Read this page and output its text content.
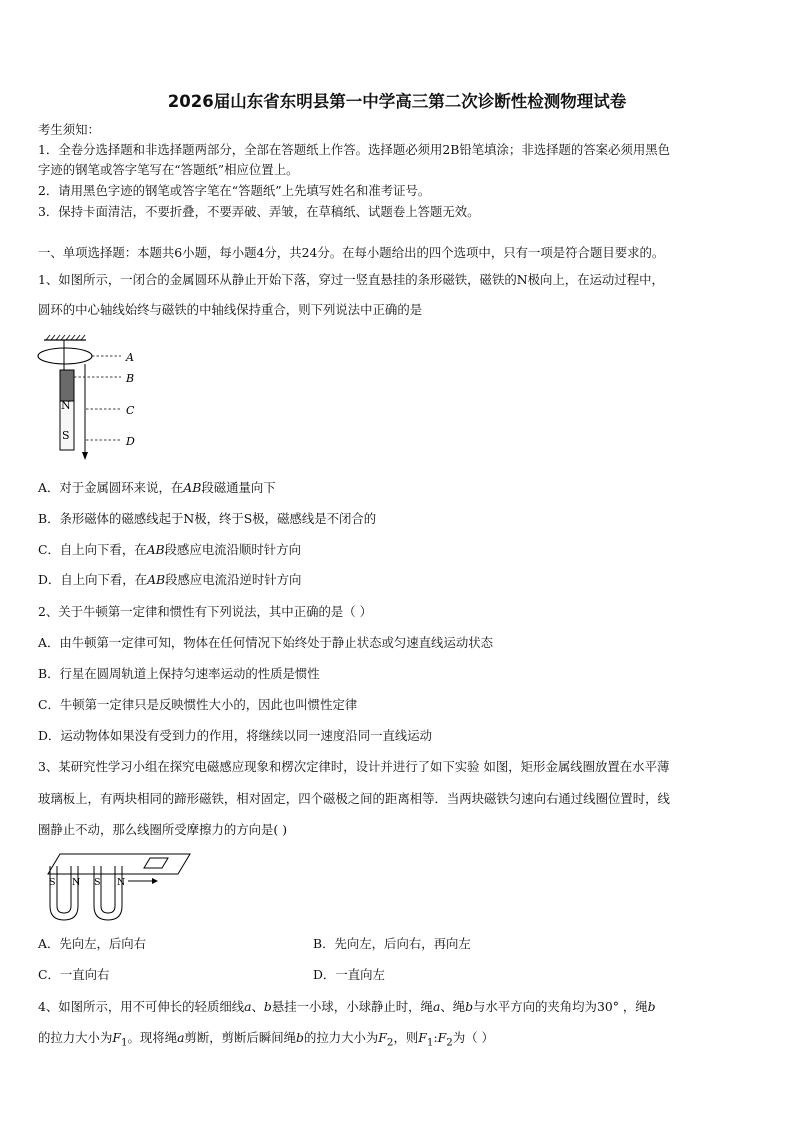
2026届山东省东明县第一中学高三第二次诊断性检测物理试卷
考生须知：
1．全卷分选择题和非选择题两部分，全部在答题纸上作答。选择题必须用2B铅笔填涂；非选择题的答案必须用黑色
字迹的钢笔或答字笔写在“答题纸”相应位置上。
2．请用黑色字迹的钢笔或答字笔在“答题纸”上先填写姓名和准考证号。
3．保持卡面清洁，不要折叠，不要弄破、弄皱，在草稿纸、试题卷上答题无效。
一、单项选择题：本题共6小题，每小题4分，共24分。在每小题给出的四个选项中，只有一项是符合题目要求的。
1、如图所示，一闭合的金属圆环从静止开始下落，穿过一竖直悬挂的条形磁铁，磁铁的N极向上，在运动过程中，
圆环的中心轴线始终与磁铁的中轴线保持重合，则下列说法中正确的是
N
S
A
B
C
D
A．对于金属圆环来说，在AB段磁通量向下
B．条形磁体的磁感线起于N极，终于S极，磁感线是不闭合的
C．自上向下看，在AB段感应电流沿顺时针方向
D．自上向下看，在AB段感应电流沿逆时针方向
2、关于牛顿第一定律和惯性有下列说法，其中正确的是（ ）
A．由牛顿第一定律可知，物体在任何情况下始终处于静止状态或匀速直线运动状态
B．行星在圆周轨道上保持匀速率运动的性质是惯性
C．牛顿第一定律只是反映惯性大小的，因此也叫惯性定律
D．运动物体如果没有受到力的作用，将继续以同一速度沿同一直线运动
3、某研究性学习小组在探究电磁感应现象和楞次定律时，设计并进行了如下实验 如图，矩形金属线圈放置在水平薄
玻璃板上，有两块相同的蹄形磁铁，相对固定，四个磁极之间的距离相等．当两块磁铁匀速向右通过线圈位置时，线
圈静止不动，那么线圈所受摩擦力的方向是( )
S N S N
A．先向左，后向右	B．先向左，后向右，再向左
C．一直向右	D．一直向左
4、如图所示，用不可伸长的轻质细线a、b悬挂一小球，小球静止时，绳a、绳b与水平方向的夹角均为30° ，绳b
的拉力大小为$F_1$。现将绳a剪断，剪断后瞬间绳b的拉力大小为$F_2$，则$F_1:F_2$为（ ）
